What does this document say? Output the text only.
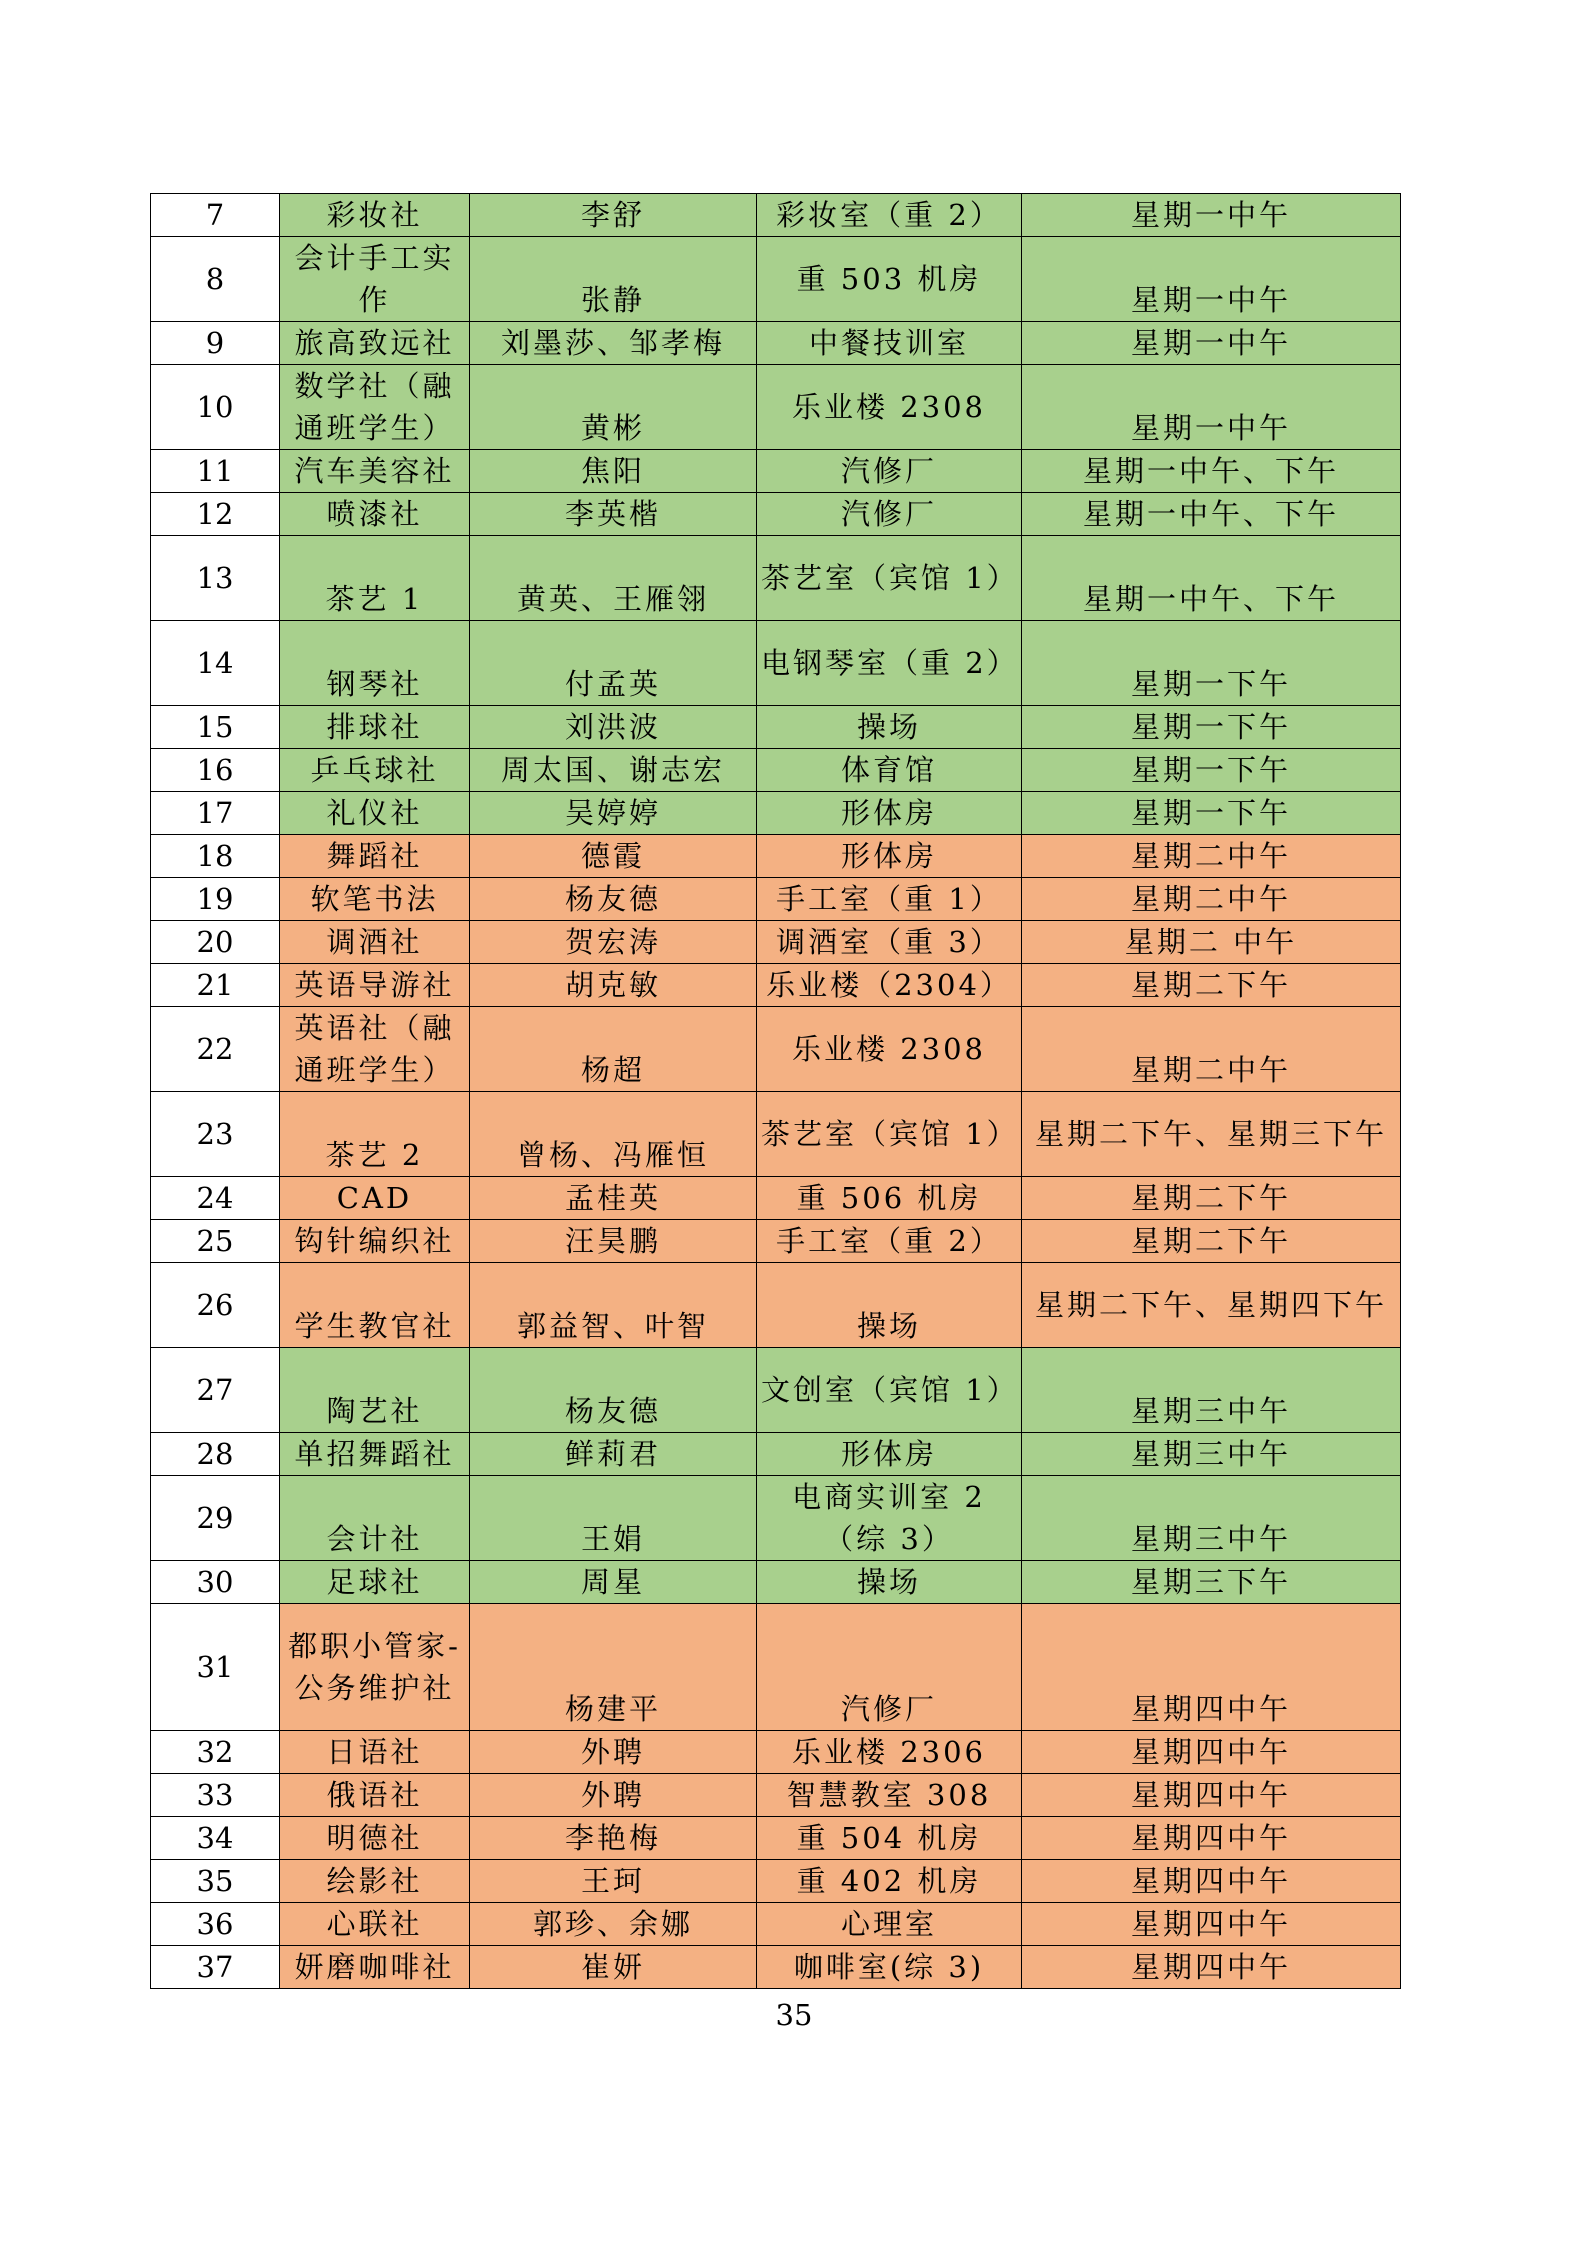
7	彩妆社	李舒	彩妆室（重 2）	星期一中午
8	会计手工实作	张静	重 503 机房	星期一中午
9	旅高致远社	刘墨莎、邹孝梅	中餐技训室	星期一中午
10	数学社（融通班学生）	黄彬	乐业楼 2308	星期一中午
11	汽车美容社	焦阳	汽修厂	星期一中午、下午
12	喷漆社	李英楷	汽修厂	星期一中午、下午
13	茶艺 1	黄英、王雁翎	茶艺室（宾馆 1）	星期一中午、下午
14	钢琴社	付孟英	电钢琴室（重 2）	星期一下午
15	排球社	刘洪波	操场	星期一下午
16	乒乓球社	周太国、谢志宏	体育馆	星期一下午
17	礼仪社	吴婷婷	形体房	星期一下午
18	舞蹈社	德霞	形体房	星期二中午
19	软笔书法	杨友德	手工室（重 1）	星期二中午
20	调酒社	贺宏涛	调酒室（重 3）	星期二 中午
21	英语导游社	胡克敏	乐业楼（2304）	星期二下午
22	英语社（融通班学生）	杨超	乐业楼 2308	星期二中午
23	茶艺 2	曾杨、冯雁恒	茶艺室（宾馆 1）	星期二下午、星期三下午
24	CAD	孟桂英	重 506 机房	星期二下午
25	钩针编织社	汪昊鹏	手工室（重 2）	星期二下午
26	学生教官社	郭益智、叶智	操场	星期二下午、星期四下午
27	陶艺社	杨友德	文创室（宾馆 1）	星期三中午
28	单招舞蹈社	鲜莉君	形体房	星期三中午
29	会计社	王娟	电商实训室 2（综 3）	星期三中午
30	足球社	周星	操场	星期三下午
31	都职小管家-公务维护社	杨建平	汽修厂	星期四中午
32	日语社	外聘	乐业楼 2306	星期四中午
33	俄语社	外聘	智慧教室 308	星期四中午
34	明德社	李艳梅	重 504 机房	星期四中午
35	绘影社	王珂	重 402 机房	星期四中午
36	心联社	郭珍、余娜	心理室	星期四中午
37	妍磨咖啡社	崔妍	咖啡室(综 3)	星期四中午
35
